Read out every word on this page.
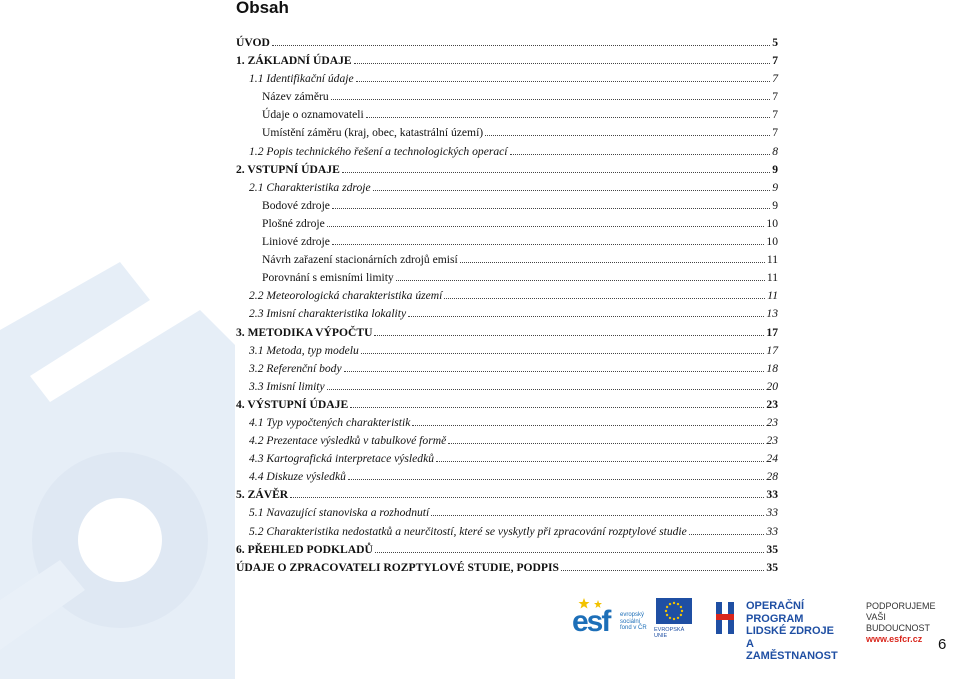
Obsah
ÚVOD	5
1. ZÁKLADNÍ ÚDAJE	7
1.1 Identifikační údaje	7
Název záměru	7
Údaje o oznamovateli	7
Umístění záměru (kraj, obec, katastrální území)	7
1.2 Popis technického řešení a technologických operací	8
2. VSTUPNÍ ÚDAJE	9
2.1 Charakteristika zdroje	9
Bodové zdroje	9
Plošné zdroje	10
Liniové zdroje	10
Návrh zařazení stacionárních zdrojů emisí	11
Porovnání s emisními limity	11
2.2 Meteorologická charakteristika území	11
2.3 Imisní charakteristika lokality	13
3. METODIKA VÝPOČTU	17
3.1 Metoda, typ modelu	17
3.2 Referenční body	18
3.3 Imisní limity	20
4. VÝSTUPNÍ ÚDAJE	23
4.1 Typ vypočtených charakteristik	23
4.2 Prezentace výsledků v tabulkové formě	23
4.3 Kartografická interpretace výsledků	24
4.4 Diskuze výsledků	28
5. ZÁVĚR	33
5.1 Navazující stanoviska a rozhodnutí	33
5.2 Charakteristika nedostatků a neurčitostí, které se vyskytly při zpracování rozptylové studie	33
6. PŘEHLED PODKLADŮ	35
ÚDAJE O ZPRACOVATELI ROZPTYLOVÉ STUDIE, PODPIS	35
esf evropský
sociální
fond v ČR EVROPSKÁ UNIE
OPERAČNÍ PROGRAM
LIDSKÉ ZDROJE
A ZAMĚSTNANOST
PODPORUJEME
VAŠI BUDOUCNOST
www.esfcr.cz	6
